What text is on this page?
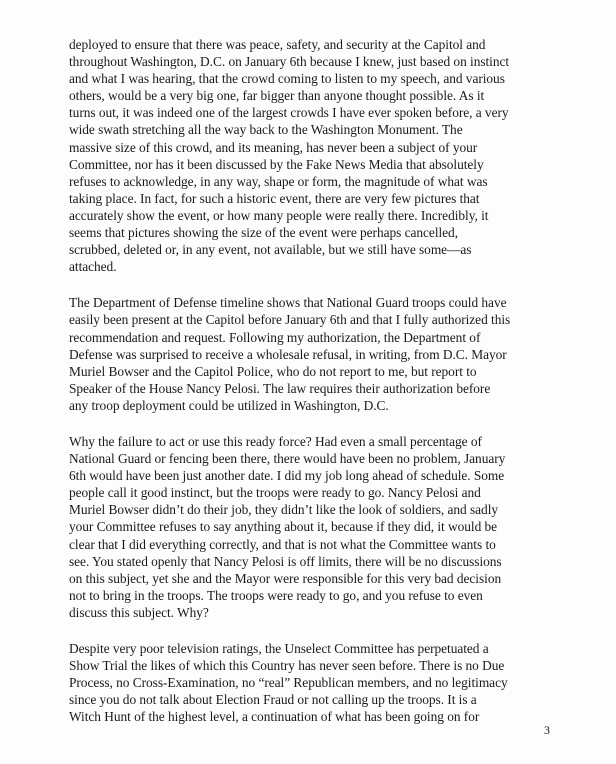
deployed to ensure that there was peace, safety, and security at the Capitol and
throughout Washington, D.C. on January 6th because I knew, just based on instinct
and what I was hearing, that the crowd coming to listen to my speech, and various
others, would be a very big one, far bigger than anyone thought possible. As it
turns out, it was indeed one of the largest crowds I have ever spoken before, a very
wide swath stretching all the way back to the Washington Monument. The
massive size of this crowd, and its meaning, has never been a subject of your
Committee, nor has it been discussed by the Fake News Media that absolutely
refuses to acknowledge, in any way, shape or form, the magnitude of what was
taking place. In fact, for such a historic event, there are very few pictures that
accurately show the event, or how many people were really there. Incredibly, it
seems that pictures showing the size of the event were perhaps cancelled,
scrubbed, deleted or, in any event, not available, but we still have some—as
attached.

The Department of Defense timeline shows that National Guard troops could have
easily been present at the Capitol before January 6th and that I fully authorized this
recommendation and request. Following my authorization, the Department of
Defense was surprised to receive a wholesale refusal, in writing, from D.C. Mayor
Muriel Bowser and the Capitol Police, who do not report to me, but report to
Speaker of the House Nancy Pelosi. The law requires their authorization before
any troop deployment could be utilized in Washington, D.C.

Why the failure to act or use this ready force? Had even a small percentage of
National Guard or fencing been there, there would have been no problem, January
6th would have been just another date. I did my job long ahead of schedule. Some
people call it good instinct, but the troops were ready to go. Nancy Pelosi and
Muriel Bowser didn’t do their job, they didn’t like the look of soldiers, and sadly
your Committee refuses to say anything about it, because if they did, it would be
clear that I did everything correctly, and that is not what the Committee wants to
see. You stated openly that Nancy Pelosi is off limits, there will be no discussions
on this subject, yet she and the Mayor were responsible for this very bad decision
not to bring in the troops. The troops were ready to go, and you refuse to even
discuss this subject. Why?

Despite very poor television ratings, the Unselect Committee has perpetuated a
Show Trial the likes of which this Country has never seen before. There is no Due
Process, no Cross-Examination, no “real” Republican members, and no legitimacy
since you do not talk about Election Fraud or not calling up the troops. It is a
Witch Hunt of the highest level, a continuation of what has been going on for

3
